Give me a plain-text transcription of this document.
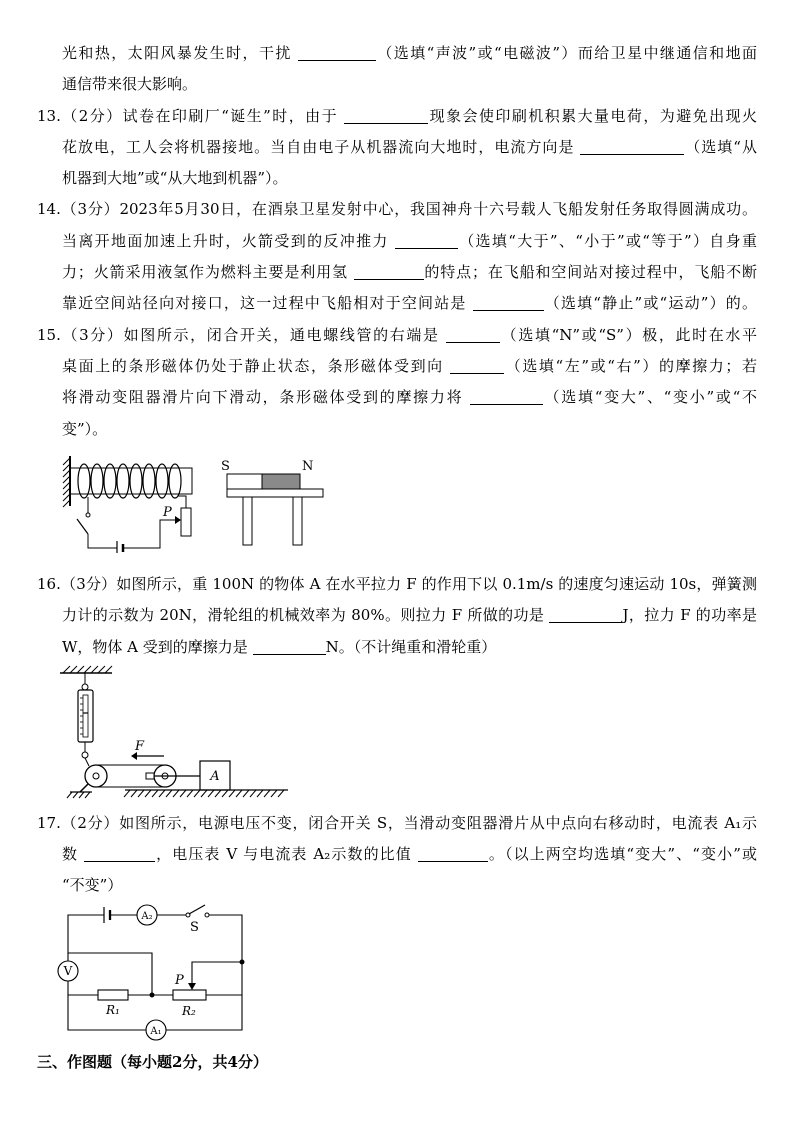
光和热，太阳风暴发生时，干扰	（选填“声波”或“电磁波”）而给卫星中继通信和地面
通信带来很大影响。
13.（2分）试卷在印刷厂“诞生”时，由于	现象会使印刷机积累大量电荷，为避免出现火
花放电，工人会将机器接地。当自由电子从机器流向大地时，电流方向是	（选填“从
机器到大地”或“从大地到机器”）。
14.（3分）2023年5月30日，在酒泉卫星发射中心，我国神舟十六号载人飞船发射任务取得圆满成功。
当离开地面加速上升时，火箭受到的反冲推力	（选填“大于”、“小于”或“等于”）自身重
力；火箭采用液氢作为燃料主要是利用氢	的特点；在飞船和空间站对接过程中，飞船不断
靠近空间站径向对接口，这一过程中飞船相对于空间站是	（选填“静止”或“运动”）的。
15.（3分）如图所示，闭合开关，通电螺线管的右端是	（选填“N”或“S”）极，此时在水平
桌面上的条形磁体仍处于静止状态，条形磁体受到向	（选填“左”或“右”）的摩擦力；若
将滑动变阻器滑片向下滑动，条形磁体受到的摩擦力将	（选填“变大”、“变小”或“不
变”）。
P
S	N
16.（3分）如图所示，重 100N 的物体 A 在水平拉力 F 的作用下以 0.1m/s 的速度匀速运动 10s，弹簧测
力计的示数为 20N，滑轮组的机械效率为 80%。则拉力 F 所做的功是	J，拉力 F 的功率是
W，物体 A 受到的摩擦力是	N。（不计绳重和滑轮重）
F
A
17.（2分）如图所示，电源电压不变，闭合开关 S，当滑动变阻器滑片从中点向右移动时，电流表 A₁示
数	，电压表 V 与电流表 A₂示数的比值	。（以上两空均选填“变大”、“变小”或
“不变”）
A₂
S
V
R₁	R₂
P
A₁
三、作图题（每小题2分，共4分）
